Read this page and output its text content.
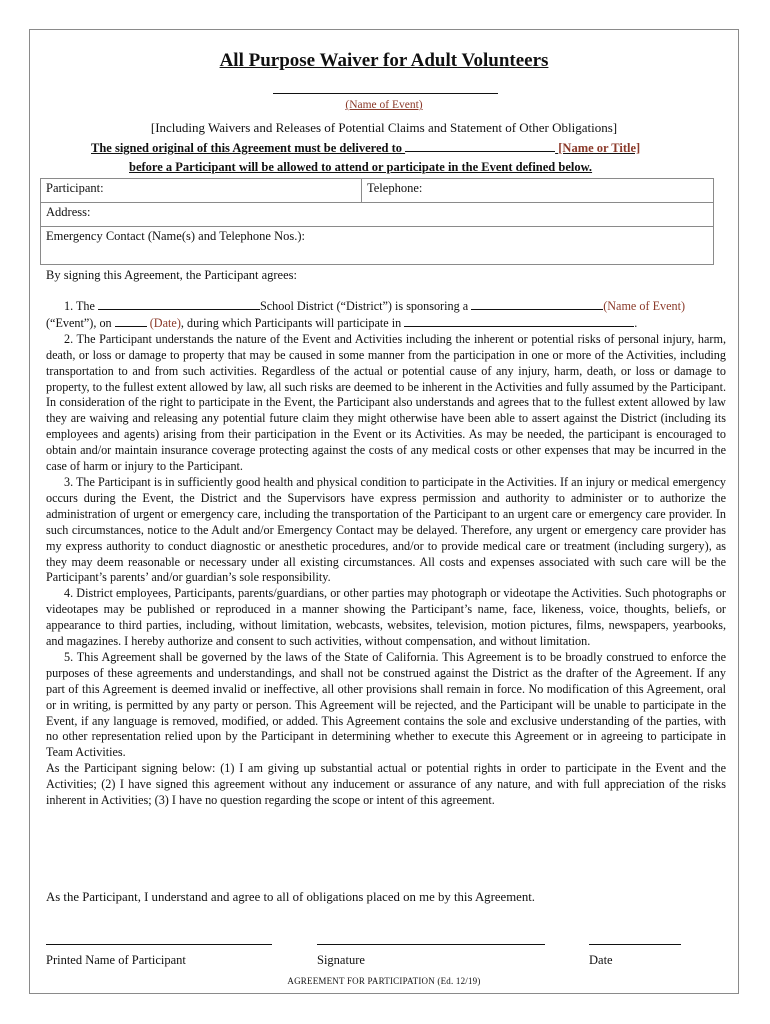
All Purpose Waiver for Adult Volunteers
(Name of Event)
[Including Waivers and Releases of Potential Claims and Statement of Other Obligations]
The signed original of this Agreement must be delivered to	[Name or Title]
before a Participant will be allowed to attend or participate in the Event defined below.
Participant:	Telephone:
Address:
Emergency Contact (Name(s) and Telephone Nos.):
By signing this Agreement, the Participant agrees:

1. The	School District (“District”) is sponsoring a	(Name of Event)

(“Event”), on	(Date), during which Participants will participate in	.

2. The Participant understands the nature of the Event and Activities including the inherent or potential risks of personal injury, harm, death, or loss or damage to property that may be caused in some manner from the participation in one or more of the Activities, including transportation to and from such activities. Regardless of the actual or potential cause of any injury, harm, death, or loss or damage to property, to the fullest extent allowed by law, all such risks are deemed to be inherent in the Activities and fully assumed by the Participant. In consideration of the right to participate in the Event, the Participant also understands and agrees that to the fullest extent allowed by law they are waiving and releasing any potential future claim they might otherwise have been able to assert against the District (including its employees and agents) arising from their participation in the Event or its Activities. As may be needed, the participant is encouraged to obtain and/or maintain insurance coverage protecting against the costs of any medical costs or other expenses that may be incurred in the case of harm or injury to the Participant.

3. The Participant is in sufficiently good health and physical condition to participate in the Activities. If an injury or medical emergency occurs during the Event, the District and the Supervisors have express permission and authority to administer or to authorize the administration of urgent or emergency care, including the transportation of the Participant to an urgent care or emergency care provider. In such circumstances, notice to the Adult and/or Emergency Contact may be delayed. Therefore, any urgent or emergency care provider has my express authority to conduct diagnostic or anesthetic procedures, and/or to provide medical care or treatment (including surgery), as they may deem reasonable or necessary under all existing circumstances. All costs and expenses associated with such care will be the Participant’s parents’ and/or guardian’s sole responsibility.

4. District employees, Participants, parents/guardians, or other parties may photograph or videotape the Activities. Such photographs or videotapes may be published or reproduced in a manner showing the Participant’s name, face, likeness, voice, thoughts, beliefs, or appearance to third parties, including, without limitation, webcasts, websites, television, motion pictures, films, newspapers, yearbooks, and magazines. I hereby authorize and consent to such activities, without compensation, and without limitation.

5. This Agreement shall be governed by the laws of the State of California. This Agreement is to be broadly construed to enforce the purposes of these agreements and understandings, and shall not be construed against the District as the drafter of the Agreement. If any part of this Agreement is deemed invalid or ineffective, all other provisions shall remain in force. No modification of this Agreement, oral or in writing, is permitted by any party or person. This Agreement will be rejected, and the Participant will be unable to participate in the Event, if any language is removed, modified, or added. This Agreement contains the sole and exclusive understanding of the parties, with no other representation relied upon by the Participant in determining whether to execute this Agreement or in agreeing to participate in Team Activities.

As the Participant signing below: (1) I am giving up substantial actual or potential rights in order to participate in the Event and the Activities; (2) I have signed this agreement without any inducement or assurance of any nature, and with full appreciation of the risks inherent in Activities; (3) I have no question regarding the scope or intent of this agreement.

As the Participant, I understand and agree to all of obligations placed on me by this Agreement.
Printed Name of Participant	Signature	Date
AGREEMENT FOR PARTICIPATION (Ed. 12/19)
